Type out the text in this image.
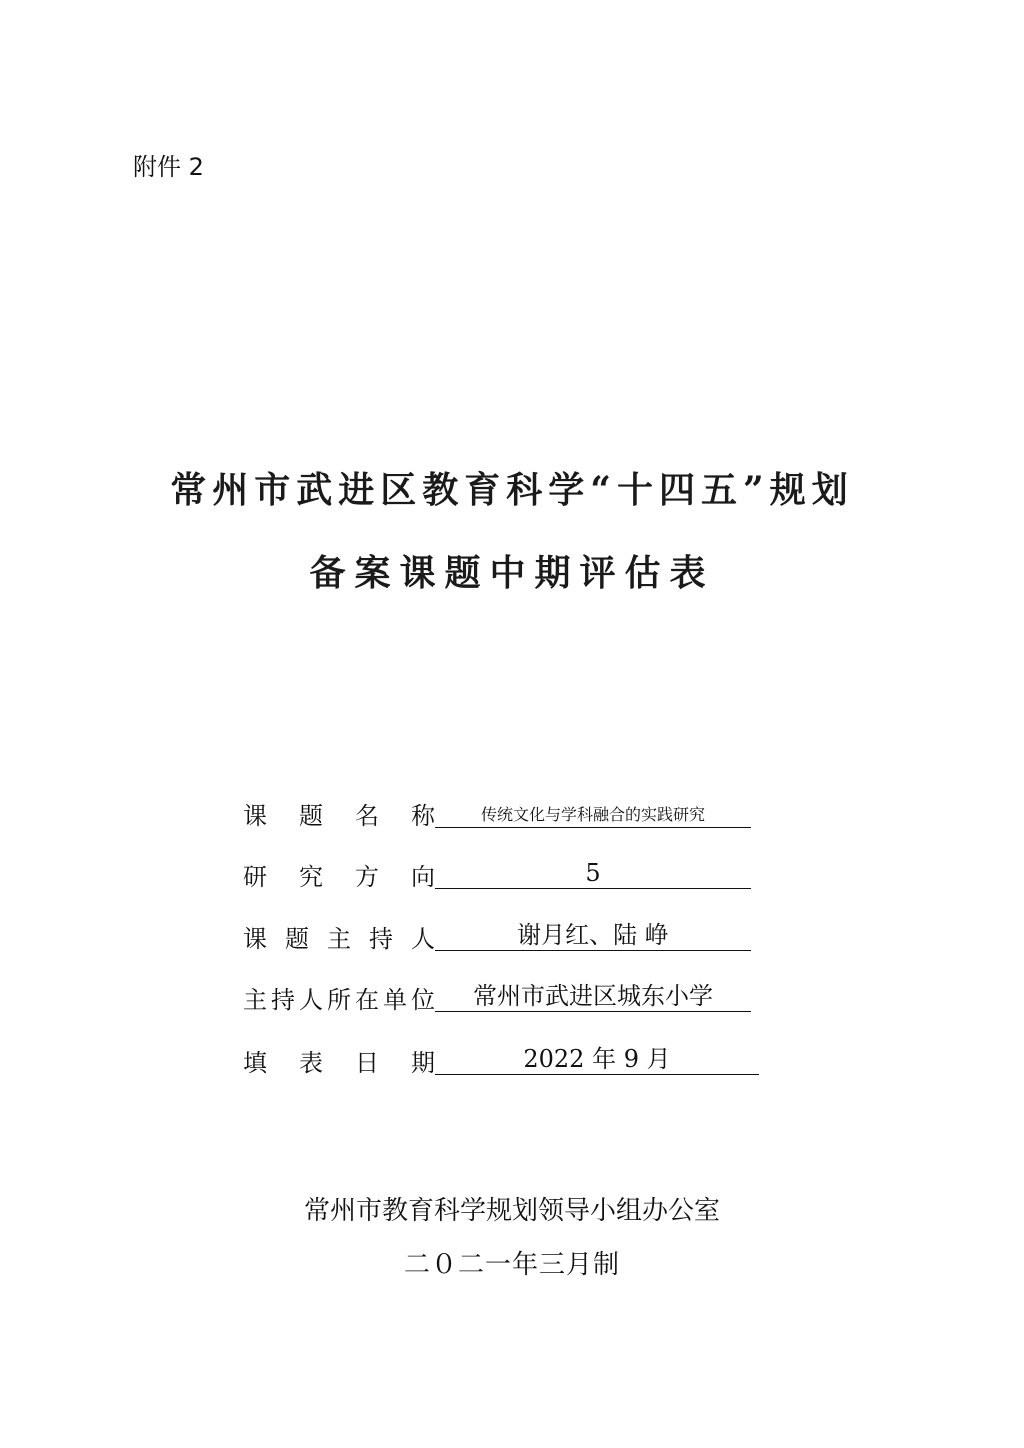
附件 2
常州市武进区教育科学“十四五”规划
备案课题中期评估表
课 题 名 称	传统文化与学科融合的实践研究
研 究 方 向	5
课 题 主 持 人	谢月红、陆 峥
主 持 人 所 在 单 位 常州市武进区城东小学
填 表 日 期	2022 年 9 月
常州市教育科学规划领导小组办公室
二０二一年三月制
